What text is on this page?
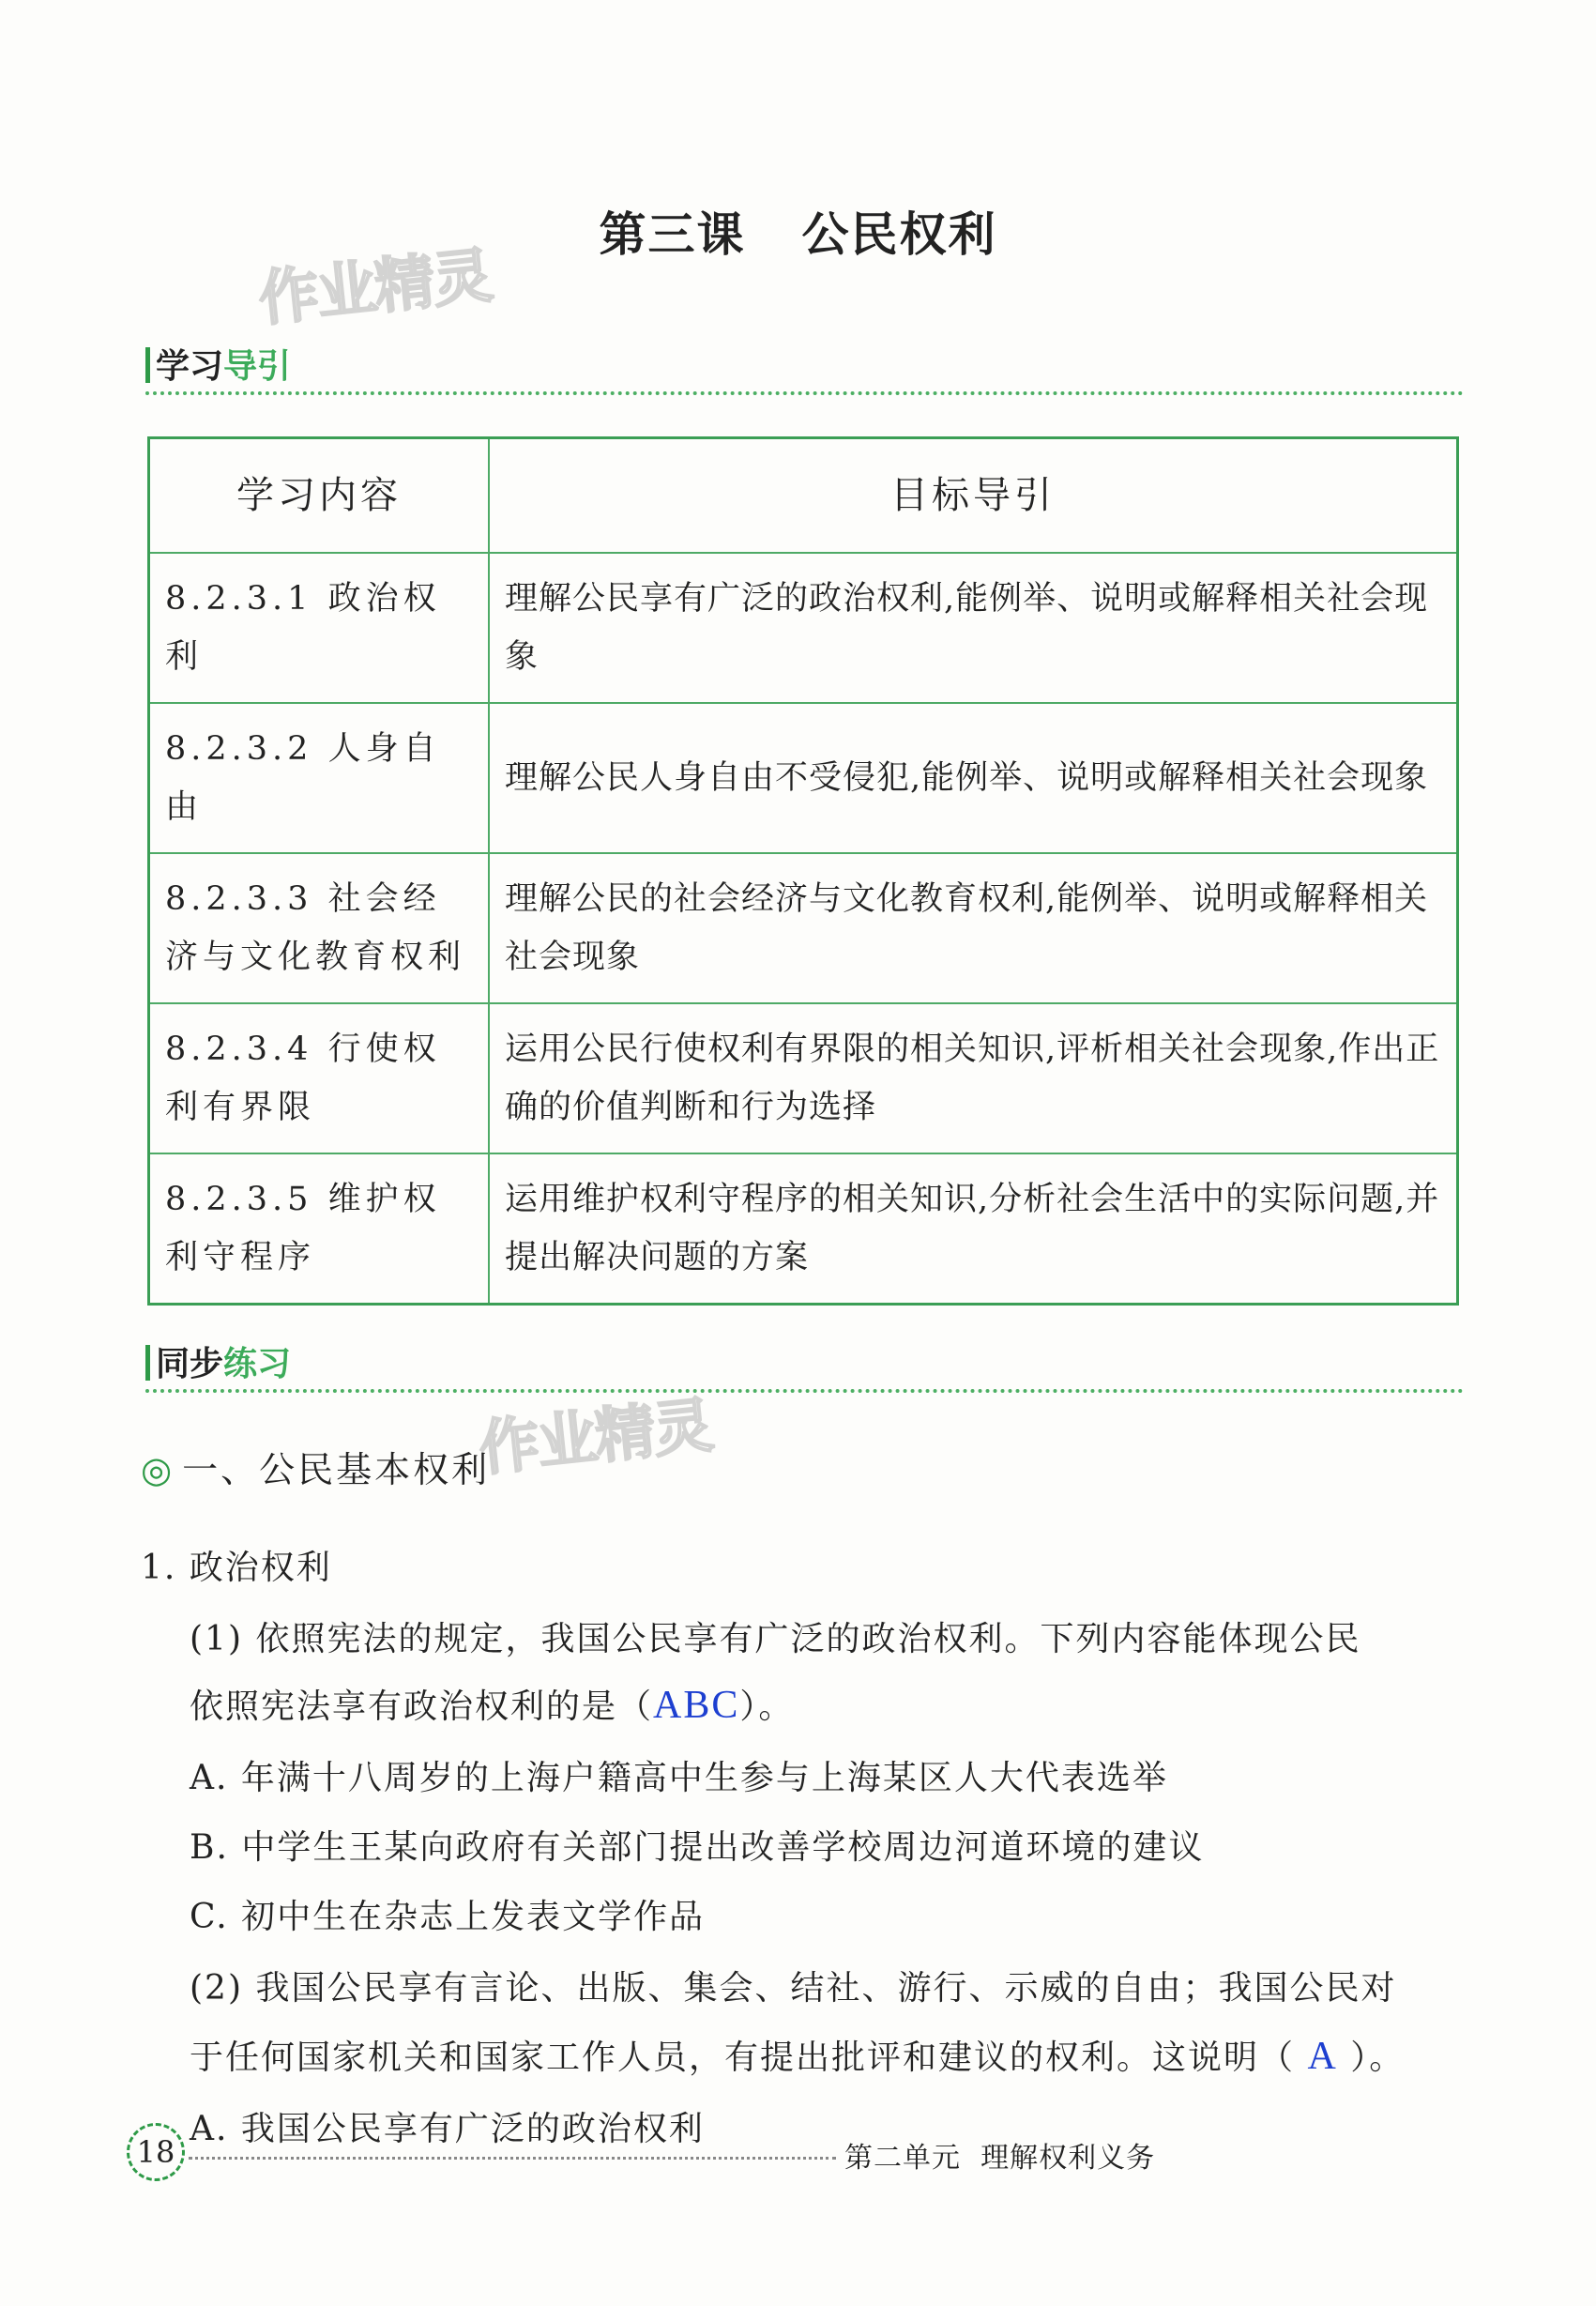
第三课 公民权利
作业精灵
学习导引
学习内容	目标导引
8.2.3.1 政治权利	理解公民享有广泛的政治权利,能例举、说明或解释相关社会现象
8.2.3.2 人身自由	理解公民人身自由不受侵犯,能例举、说明或解释相关社会现象
8.2.3.3 社会经济与文化教育权利	理解公民的社会经济与文化教育权利,能例举、说明或解释相关社会现象
8.2.3.4 行使权利有界限	运用公民行使权利有界限的相关知识,评析相关社会现象,作出正确的价值判断和行为选择
8.2.3.5 维护权利守程序	运用维护权利守程序的相关知识,分析社会生活中的实际问题,并提出解决问题的方案
同步练习
作业精灵
◎ 一、公民基本权利
1. 政治权利
(1) 依照宪法的规定，我国公民享有广泛的政治权利。下列内容能体现公民
依照宪法享有政治权利的是（ABC）。
A. 年满十八周岁的上海户籍高中生参与上海某区人大代表选举
B. 中学生王某向政府有关部门提出改善学校周边河道环境的建议
C. 初中生在杂志上发表文学作品
(2) 我国公民享有言论、出版、集会、结社、游行、示威的自由；我国公民对
于任何国家机关和国家工作人员，有提出批评和建议的权利。这说明（ A ）。
A. 我国公民享有广泛的政治权利
18	第二单元 理解权利义务
